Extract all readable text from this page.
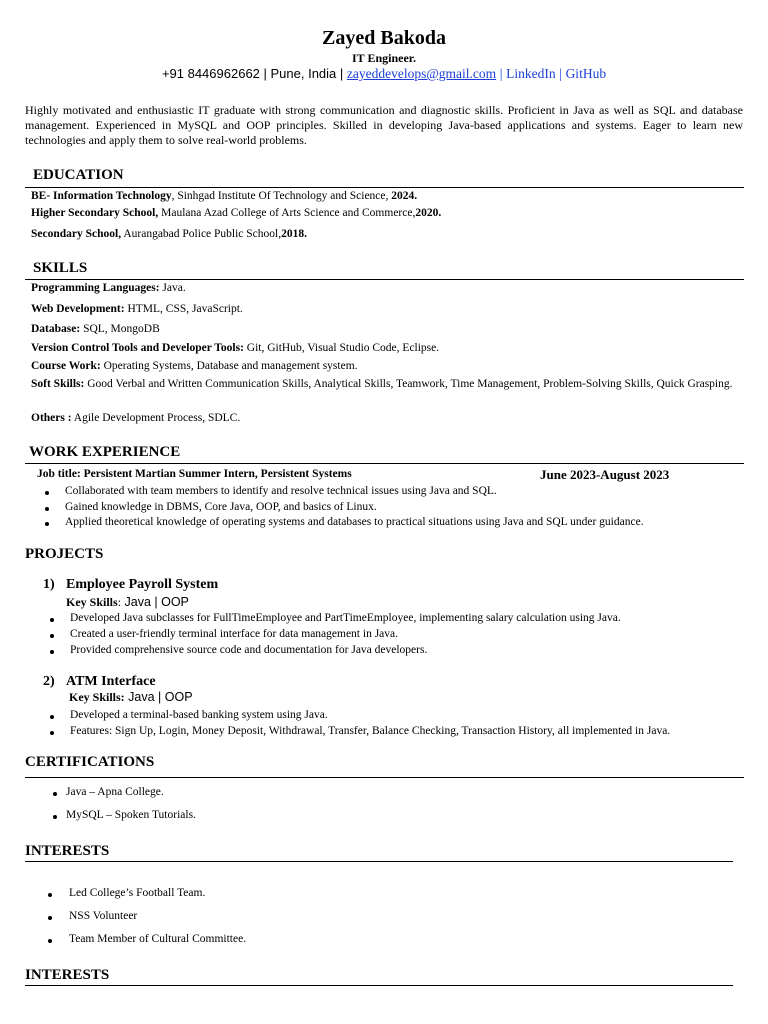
Zayed Bakoda
IT Engineer.
+91 8446962662 | Pune, India | zayeddevelops@gmail.com | LinkedIn | GitHub
Highly motivated and enthusiastic IT graduate with strong communication and diagnostic skills. Proficient in Java as well as SQL and database management. Experienced in MySQL and OOP principles. Skilled in developing Java-based applications and systems. Eager to learn new technologies and apply them to solve real-world problems.
EDUCATION
BE- Information Technology, Sinhgad Institute Of Technology and Science, 2024.
Higher Secondary School, Maulana Azad College of Arts Science and Commerce,2020.
Secondary School, Aurangabad Police Public School,2018.
SKILLS
Programming Languages: Java.
Web Development: HTML, CSS, JavaScript.
Database: SQL, MongoDB
Version Control Tools and Developer Tools: Git, GitHub, Visual Studio Code, Eclipse.
Course Work: Operating Systems, Database and management system.
Soft Skills: Good Verbal and Written Communication Skills, Analytical Skills, Teamwork, Time Management, Problem-Solving Skills, Quick Grasping.
Others : Agile Development Process, SDLC.
WORK EXPERIENCE
Job title: Persistent Martian Summer Intern, Persistent Systems	June 2023-August 2023
Collaborated with team members to identify and resolve technical issues using Java and SQL.
Gained knowledge in DBMS, Core Java, OOP, and basics of Linux.
Applied theoretical knowledge of operating systems and databases to practical situations using Java and SQL under guidance.
PROJECTS
1) Employee Payroll System
Key Skills: Java | OOP
Developed Java subclasses for FullTimeEmployee and PartTimeEmployee, implementing salary calculation using Java.
Created a user-friendly terminal interface for data management in Java.
Provided comprehensive source code and documentation for Java developers.
2) ATM Interface
Key Skills: Java | OOP
Developed a terminal-based banking system using Java.
Features: Sign Up, Login, Money Deposit, Withdrawal, Transfer, Balance Checking, Transaction History, all implemented in Java.
CERTIFICATIONS
Java – Apna College.
MySQL – Spoken Tutorials.
INTERESTS
Led College’s Football Team.
NSS Volunteer
Team Member of Cultural Committee.
INTERESTS
